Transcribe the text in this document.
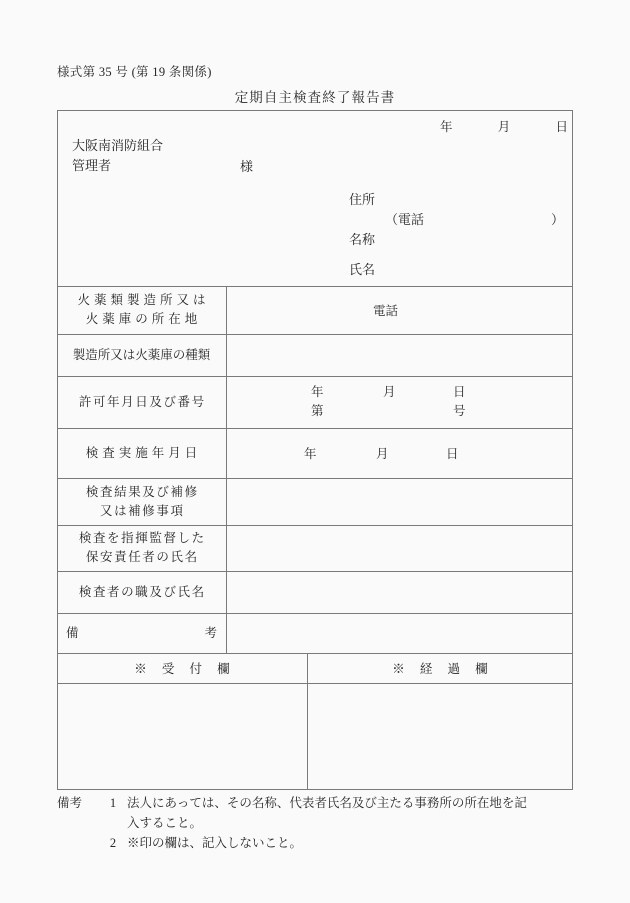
様式第 35 号 (第 19 条関係)
定期自主検査終了報告書
年	月	日
大阪南消防組合
管理者	様
住所
（電話	）
名称
氏名
火薬類製造所又は
火薬庫の所在地
電話
製造所又は火薬庫の種類
許可年月日及び番号
年	月	日
第	号
検査実施年月日	年	月	日
検査結果及び補修
又は補修事項
検査を指揮監督した
保安責任者の氏名
検査者の職及び氏名
備	考
※ 受 付 欄	※ 経 過 欄
備考	1 法人にあっては、その名称、代表者氏名及び主たる事務所の所在地を記
入すること。
2 ※印の欄は、記入しないこと。
